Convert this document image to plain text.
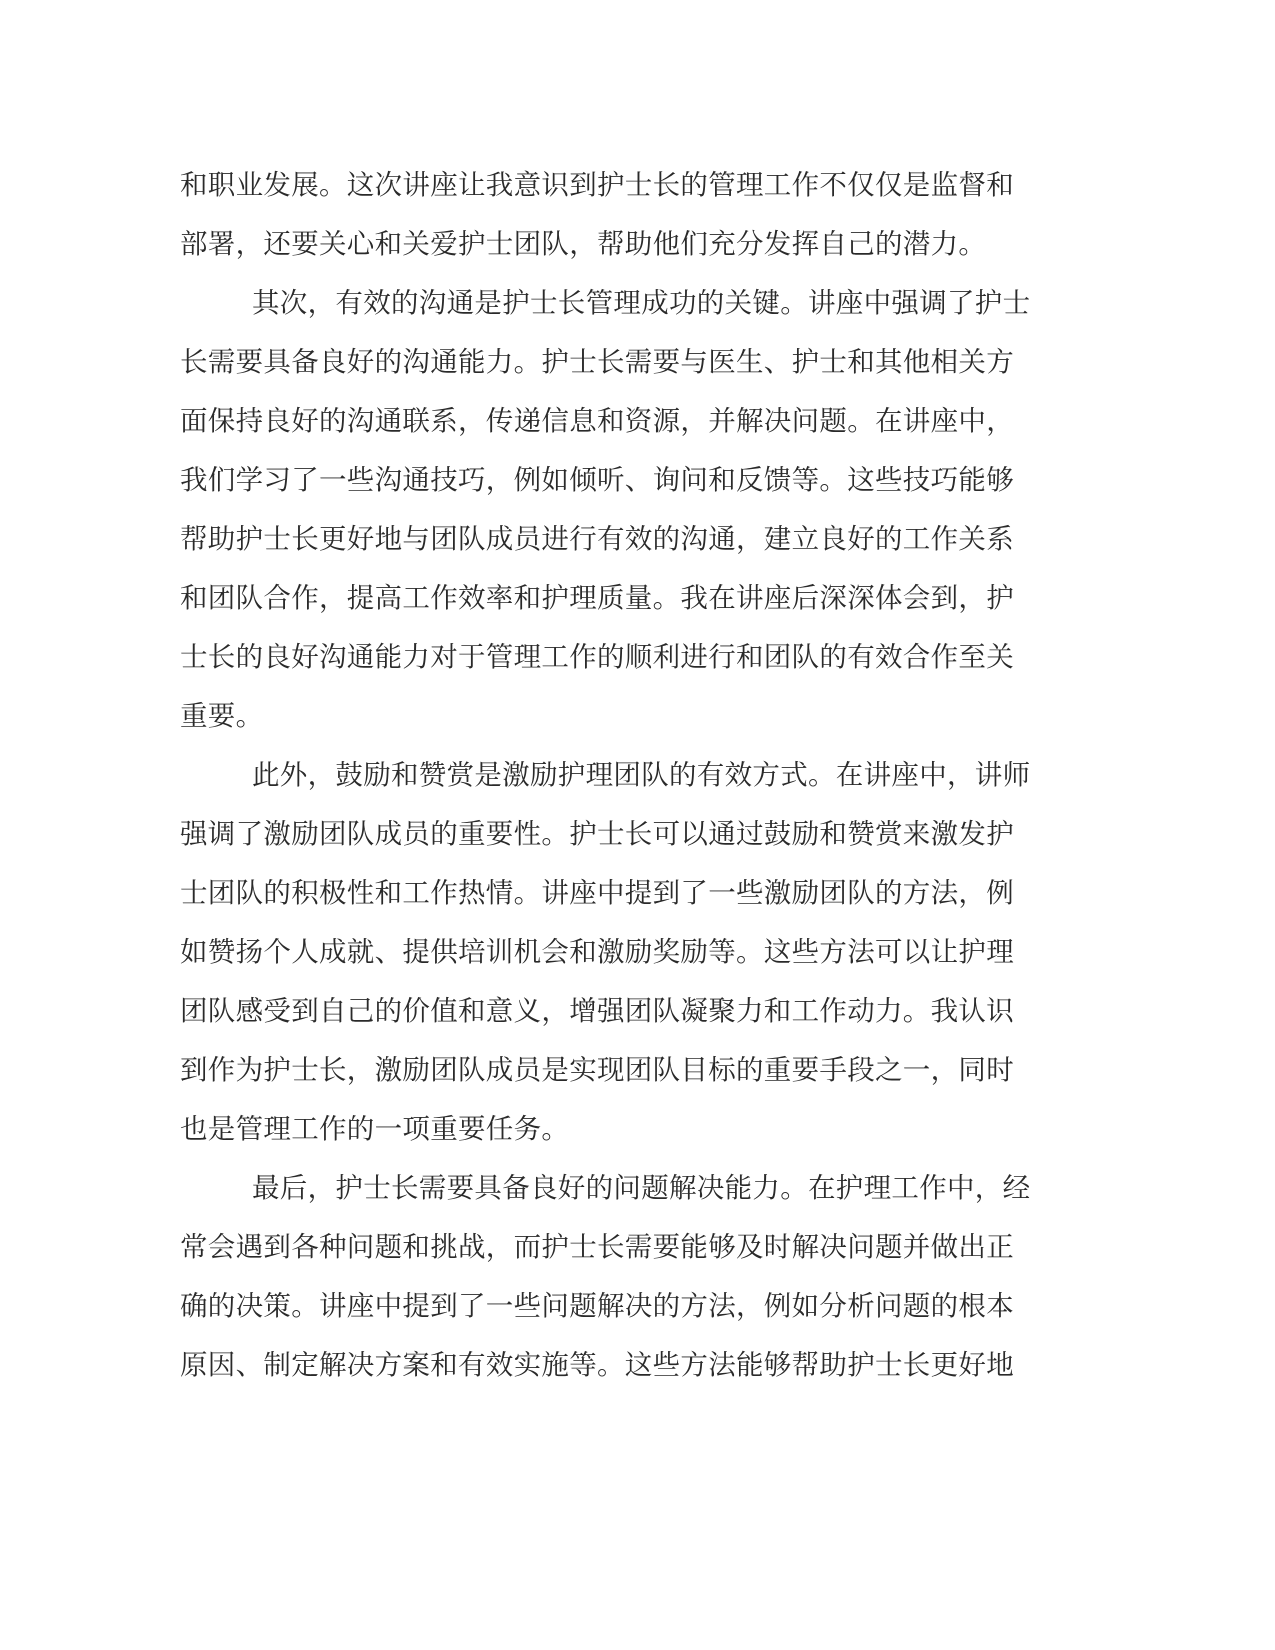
和职业发展。这次讲座让我意识到护士长的管理工作不仅仅是监督和
部署，还要关心和关爱护士团队，帮助他们充分发挥自己的潜力。
其次，有效的沟通是护士长管理成功的关键。讲座中强调了护士
长需要具备良好的沟通能力。护士长需要与医生、护士和其他相关方
面保持良好的沟通联系，传递信息和资源，并解决问题。在讲座中，
我们学习了一些沟通技巧，例如倾听、询问和反馈等。这些技巧能够
帮助护士长更好地与团队成员进行有效的沟通，建立良好的工作关系
和团队合作，提高工作效率和护理质量。我在讲座后深深体会到，护
士长的良好沟通能力对于管理工作的顺利进行和团队的有效合作至关
重要。
此外，鼓励和赞赏是激励护理团队的有效方式。在讲座中，讲师
强调了激励团队成员的重要性。护士长可以通过鼓励和赞赏来激发护
士团队的积极性和工作热情。讲座中提到了一些激励团队的方法，例
如赞扬个人成就、提供培训机会和激励奖励等。这些方法可以让护理
团队感受到自己的价值和意义，增强团队凝聚力和工作动力。我认识
到作为护士长，激励团队成员是实现团队目标的重要手段之一，同时
也是管理工作的一项重要任务。
最后，护士长需要具备良好的问题解决能力。在护理工作中，经
常会遇到各种问题和挑战，而护士长需要能够及时解决问题并做出正
确的决策。讲座中提到了一些问题解决的方法，例如分析问题的根本
原因、制定解决方案和有效实施等。这些方法能够帮助护士长更好地
